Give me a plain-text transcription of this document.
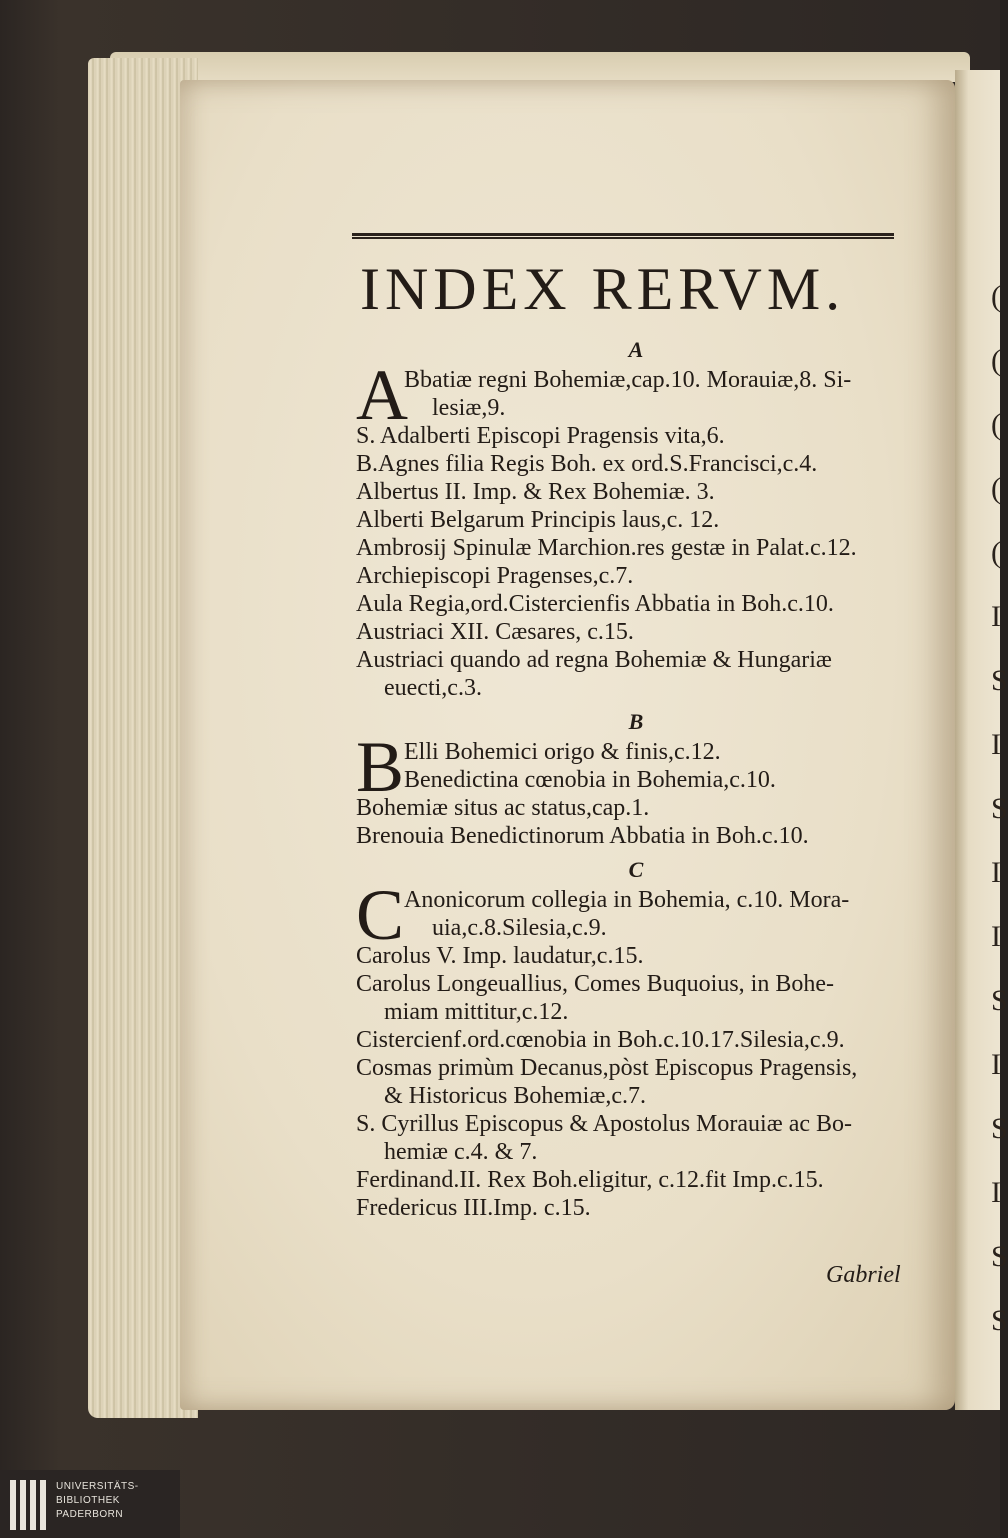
(
(
(
(
(
I
S
I
S
I
I
S
I
S
I
S
S
INDEX RERVM.
A
A
Bbatiæ regni Bohemiæ,cap.10. Morauiæ,8. Si-
lesiæ,9.
S. Adalberti Episcopi Pragensis vita,6.
B.Agnes filia Regis Boh. ex ord.S.Francisci,c.4.
Albertus II. Imp. & Rex Bohemiæ. 3.
Alberti Belgarum Principis laus,c. 12.
Ambrosij Spinulæ Marchion.res gestæ in Palat.c.12.
Archiepiscopi Pragenses,c.7.
Aula Regia,ord.Cistercienfis Abbatia in Boh.c.10.
Austriaci XII. Cæsares, c.15.
Austriaci quando ad regna Bohemiæ & Hungariæ
euecti,c.3.
B
B Elli Bohemici origo & finis,c.12.
Benedictina cœnobia in Bohemia,c.10.
Bohemiæ situs ac status,cap.1.
Brenouia Benedictinorum Abbatia in Boh.c.10.
C
C Anonicorum collegia in Bohemia, c.10. Mora-
uia,c.8.Silesia,c.9.
Carolus V. Imp. laudatur,c.15.
Carolus Longeuallius, Comes Buquoius, in Bohe-
miam mittitur,c.12.
Cistercienf.ord.cœnobia in Boh.c.10.17.Silesia,c.9.
Cosmas primùm Decanus,pòst Episcopus Pragensis,
& Historicus Bohemiæ,c.7.
S. Cyrillus Episcopus & Apostolus Morauiæ ac Bo-
hemiæ c.4. & 7.
Ferdinand.II. Rex Boh.eligitur, c.12.fit Imp.c.15.
Fredericus III.Imp. c.15.
Gabriel
UNIVERSITÄTS-
BIBLIOTHEK
PADERBORN
